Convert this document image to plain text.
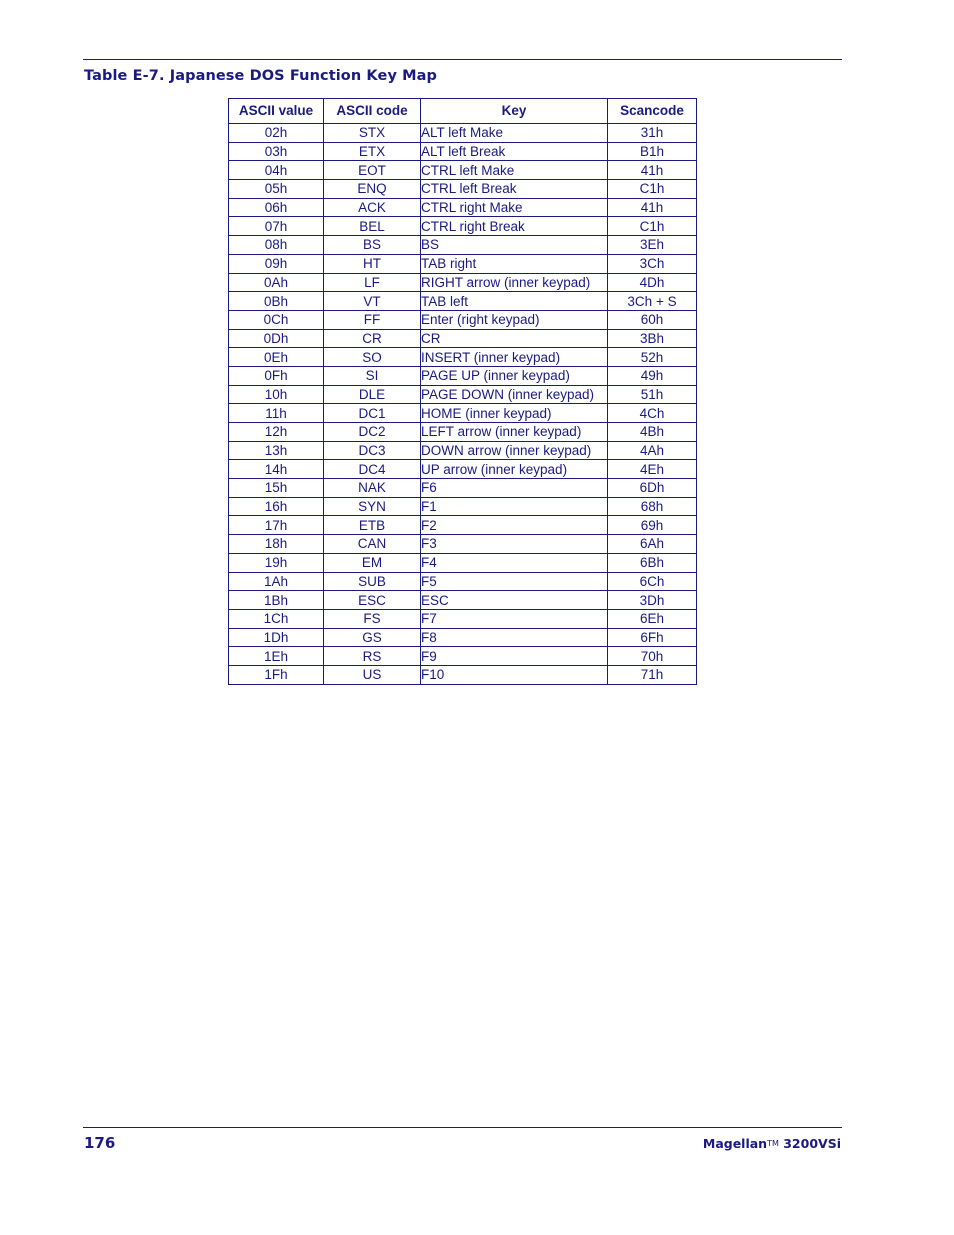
Table E-7. Japanese DOS Function Key Map
ASCII value	ASCII code	Key	Scancode
02h	STX	ALT left Make	31h
03h	ETX	ALT left Break	B1h
04h	EOT	CTRL left Make	41h
05h	ENQ	CTRL left Break	C1h
06h	ACK	CTRL right Make	41h
07h	BEL	CTRL right Break	C1h
08h	BS	BS	3Eh
09h	HT	TAB right	3Ch
0Ah	LF	RIGHT arrow (inner keypad)	4Dh
0Bh	VT	TAB left	3Ch + S
0Ch	FF	Enter (right keypad)	60h
0Dh	CR	CR	3Bh
0Eh	SO	INSERT (inner keypad)	52h
0Fh	SI	PAGE UP (inner keypad)	49h
10h	DLE	PAGE DOWN (inner keypad)	51h
11h	DC1	HOME (inner keypad)	4Ch
12h	DC2	LEFT arrow (inner keypad)	4Bh
13h	DC3	DOWN arrow (inner keypad)	4Ah
14h	DC4	UP arrow (inner keypad)	4Eh
15h	NAK	F6	6Dh
16h	SYN	F1	68h
17h	ETB	F2	69h
18h	CAN	F3	6Ah
19h	EM	F4	6Bh
1Ah	SUB	F5	6Ch
1Bh	ESC	ESC	3Dh
1Ch	FS	F7	6Eh
1Dh	GS	F8	6Fh
1Eh	RS	F9	70h
1Fh	US	F10	71h
176	Magellan™ 3200VSi
